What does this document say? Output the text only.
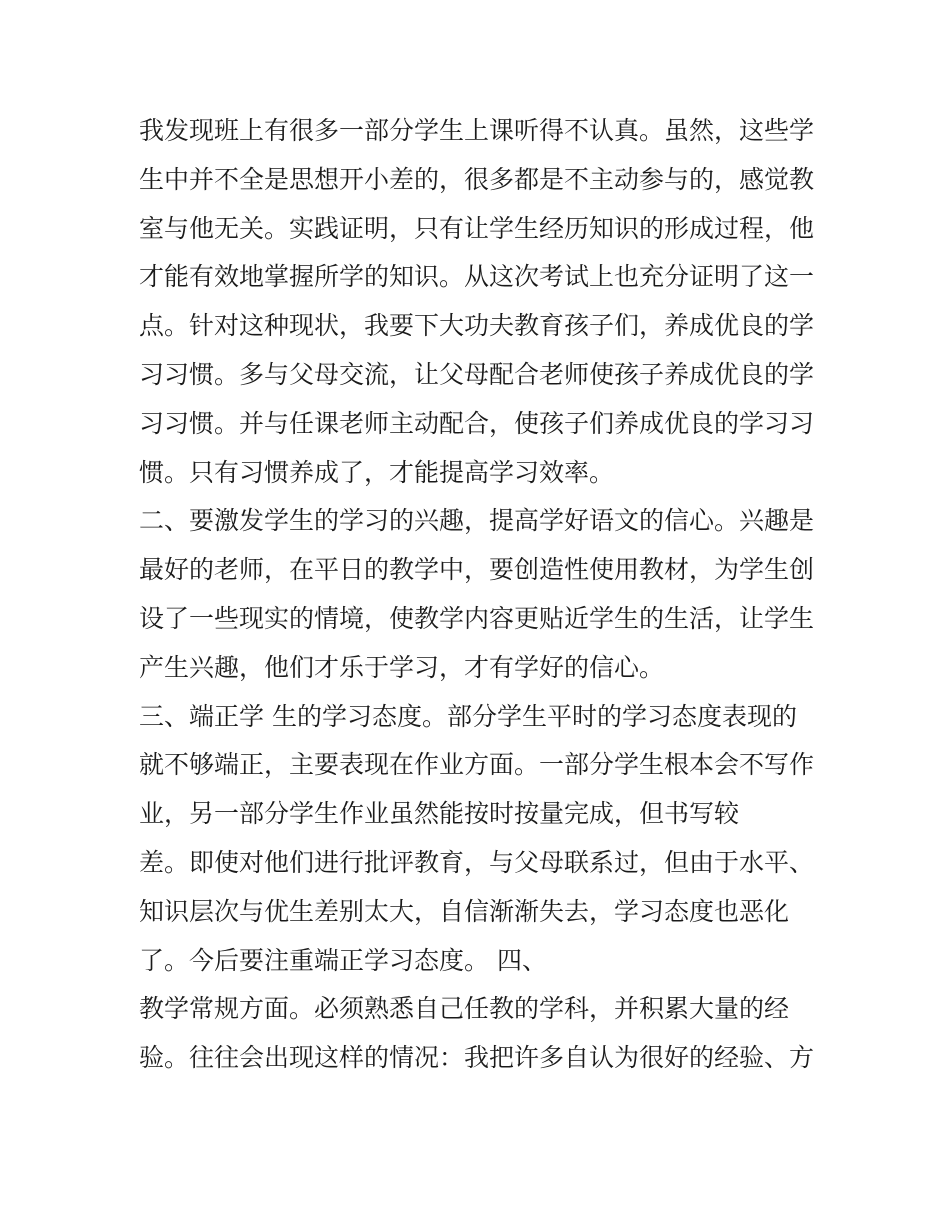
我发现班上有很多一部分学生上课听得不认真。虽然，这些学
生中并不全是思想开小差的，很多都是不主动参与的，感觉教
室与他无关。实践证明，只有让学生经历知识的形成过程，他
才能有效地掌握所学的知识。从这次考试上也充分证明了这一
点。针对这种现状，我要下大功夫教育孩子们，养成优良的学
习习惯。多与父母交流，让父母配合老师使孩子养成优良的学
习习惯。并与任课老师主动配合，使孩子们养成优良的学习习
惯。只有习惯养成了，才能提高学习效率。
二、要激发学生的学习的兴趣，提高学好语文的信心。兴趣是
最好的老师，在平日的教学中，要创造性使用教材，为学生创
设了一些现实的情境，使教学内容更贴近学生的生活，让学生
产生兴趣，他们才乐于学习，才有学好的信心。
三、端正学 生的学习态度。部分学生平时的学习态度表现的
就不够端正，主要表现在作业方面。一部分学生根本会不写作
业，另一部分学生作业虽然能按时按量完成，但书写较
差。即使对他们进行批评教育，与父母联系过，但由于水平、
知识层次与优生差别太大，自信渐渐失去，学习态度也恶化
了。今后要注重端正学习态度。 四、
教学常规方面。必须熟悉自己任教的学科，并积累大量的经
验。往往会出现这样的情况：我把许多自认为很好的经验、方
